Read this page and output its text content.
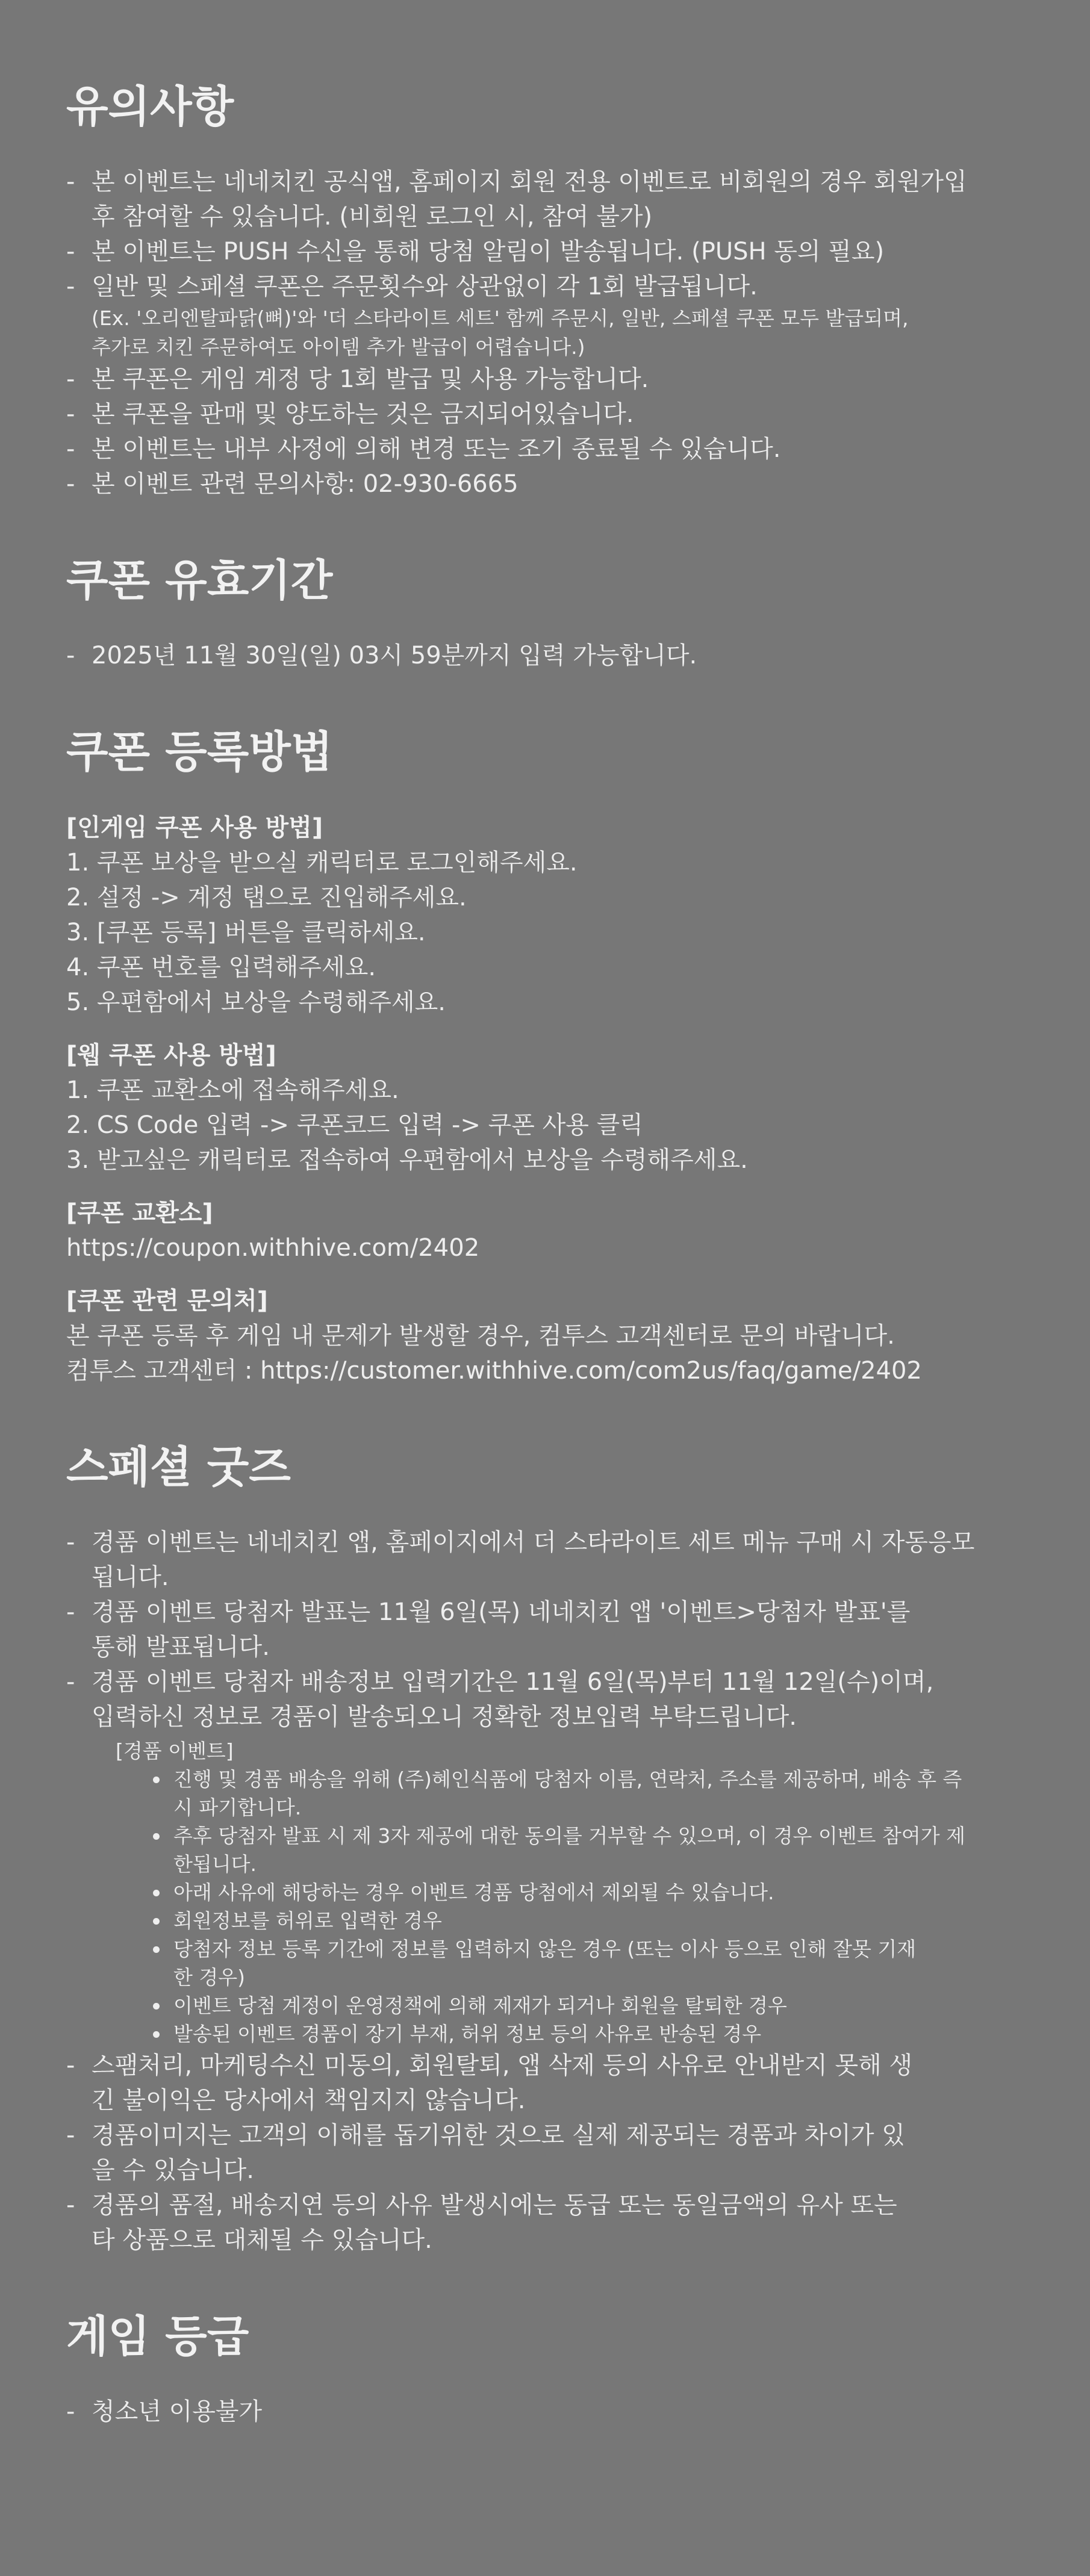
유의사항
- 본 이벤트는 네네치킨 공식앱, 홈페이지 회원 전용 이벤트로 비회원의 경우 회원가입
후 참여할 수 있습니다. (비회원 로그인 시, 참여 불가)
- 본 이벤트는 PUSH 수신을 통해 당첨 알림이 발송됩니다. (PUSH 동의 필요)
- 일반 및 스페셜 쿠폰은 주문횟수와 상관없이 각 1회 발급됩니다.
(Ex. '오리엔탈파닭(뼈)'와 '더 스타라이트 세트' 함께 주문시, 일반, 스페셜 쿠폰 모두 발급되며,
추가로 치킨 주문하여도 아이템 추가 발급이 어렵습니다.)
- 본 쿠폰은 게임 계정 당 1회 발급 및 사용 가능합니다.
- 본 쿠폰을 판매 및 양도하는 것은 금지되어있습니다.
- 본 이벤트는 내부 사정에 의해 변경 또는 조기 종료될 수 있습니다.
- 본 이벤트 관련 문의사항: 02-930-6665
쿠폰 유효기간
- 2025년 11월 30일(일) 03시 59분까지 입력 가능합니다.
쿠폰 등록방법
[인게임 쿠폰 사용 방법]
1. 쿠폰 보상을 받으실 캐릭터로 로그인해주세요.
2. 설정 -> 계정 탭으로 진입해주세요.
3. [쿠폰 등록] 버튼을 클릭하세요.
4. 쿠폰 번호를 입력해주세요.
5. 우편함에서 보상을 수령해주세요.
[웹 쿠폰 사용 방법]
1. 쿠폰 교환소에 접속해주세요.
2. CS Code 입력 -> 쿠폰코드 입력 -> 쿠폰 사용 클릭
3. 받고싶은 캐릭터로 접속하여 우편함에서 보상을 수령해주세요.
[쿠폰 교환소]
https://coupon.withhive.com/2402
[쿠폰 관련 문의처]
본 쿠폰 등록 후 게임 내 문제가 발생할 경우, 컴투스 고객센터로 문의 바랍니다.
컴투스 고객센터 : https://customer.withhive.com/com2us/faq/game/2402
스페셜 굿즈
- 경품 이벤트는 네네치킨 앱, 홈페이지에서 더 스타라이트 세트 메뉴 구매 시 자동응모
됩니다.
- 경품 이벤트 당첨자 발표는 11월 6일(목) 네네치킨 앱 '이벤트>당첨자 발표'를
통해 발표됩니다.
- 경품 이벤트 당첨자 배송정보 입력기간은 11월 6일(목)부터 11월 12일(수)이며,
입력하신 정보로 경품이 발송되오니 정확한 정보입력 부탁드립니다.
[경품 이벤트]
진행 및 경품 배송을 위해 (주)혜인식품에 당첨자 이름, 연락처, 주소를 제공하며, 배송 후 즉
시 파기합니다.
추후 당첨자 발표 시 제 3자 제공에 대한 동의를 거부할 수 있으며, 이 경우 이벤트 참여가 제
한됩니다.
아래 사유에 해당하는 경우 이벤트 경품 당첨에서 제외될 수 있습니다.
회원정보를 허위로 입력한 경우
당첨자 정보 등록 기간에 정보를 입력하지 않은 경우 (또는 이사 등으로 인해 잘못 기재
한 경우)
이벤트 당첨 계정이 운영정책에 의해 제재가 되거나 회원을 탈퇴한 경우
발송된 이벤트 경품이 장기 부재, 허위 정보 등의 사유로 반송된 경우
- 스팸처리, 마케팅수신 미동의, 회원탈퇴, 앱 삭제 등의 사유로 안내받지 못해 생
긴 불이익은 당사에서 책임지지 않습니다.
- 경품이미지는 고객의 이해를 돕기위한 것으로 실제 제공되는 경품과 차이가 있
을 수 있습니다.
- 경품의 품절, 배송지연 등의 사유 발생시에는 동급 또는 동일금액의 유사 또는
타 상품으로 대체될 수 있습니다.
게임 등급
- 청소년 이용불가
